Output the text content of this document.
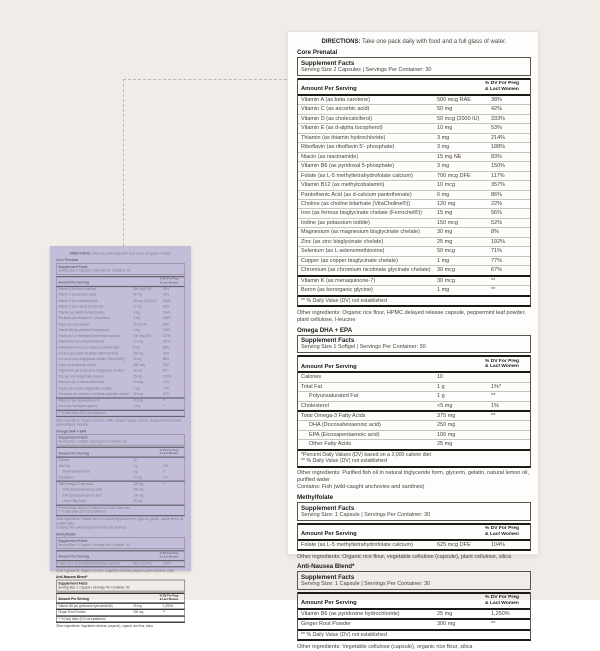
DIRECTIONS: Take one pack daily with food and a full glass of water.
Core Prenatal
Supplement Facts
Serving Size 2 Capsules | Servings Per Container: 30
Amount Per Serving
% DV For Preg
& Lact Women
Vitamin A (as beta carotene)	500 mcg RAE	38%
Vitamin C (as ascorbic acid)	50 mg	42%
Vitamin D (as cholecalciferol)	50 mcg (2000 IU)	333%
Vitamin E (as d-alpha tocopherol)	10 mg	53%
Thiamin (as thiamin hydrochloride)	3 mg	214%
Riboflavin (as riboflavin 5'- phosphate)	3 mg	188%
Niacin (as niacinamide)	15 mg NE	83%
Vitamin B6 (as pyridoxal 5-phosphate)	3 mg	150%
Folate (as L-5 methyltetrahydrofolate calcium)	700 mcg DFE	117%
Vitamin B12 (as methylcobalamin)	10 mcg	357%
Pantothenic Acid (as d-calcium pantothenate)	6 mg	86%
Choline (as choline bitartrate (VitaCholine®))	120 mg	22%
Iron (as ferrous bisglycinate chelate (Ferrochel®))	15 mg	56%
Iodine (as potassium iodide)	150 mcg	52%
Magnesium (as magnesium bisglycinate chelate)	30 mg	8%
Zinc (as zinc bisglycinate chelate)	25 mg	192%
Selenium (as L-selenomethionine)	50 mcg	71%
Copper (as copper bisglycinate chelate)	1 mg	77%
Chromium (as chromium nicotinate glycinate chelate)	30 mcg	67%
Vitamin K (as menaquinone-7)	30 mcg	**
Boron (as bororganic glycine)	1 mg	**
** % Daily Value (DV) not established
Other ingredients: Organic rice flour, HPMC delayed release capsule, peppermint leaf powder, plant cellulose, l-leucine
Omega DHA + EPA
Supplement Facts
Serving Size 1 Softgel | Servings Per Container: 30
Amount Per Serving
% DV For Preg
& Lact Women
Calories	10
Total Fat	1 g	1%*
Polyunsaturated Fat	1 g	**
Cholesterol	<5 mg	1%
Total Omega-3 Fatty Acids	375 mg	**
DHA (Docosahexaenoic acid)	250 mg
EPA (Eicosapentaenoic acid)	100 mg
Other Fatty Acids	25 mg
*Percent Daily Values (DV) based on a 2,000 calorie diet
** % Daily Value (DV) not established
Other ingredients: Purified fish oil in natural triglyceride form, glycerin, gelatin, natural lemon oil, purified water
Contains: Fish (wild-caught anchovies and sardines)
Methylfolate
Supplement Facts
Serving Size: 1 Capsule | Servings Per Container: 30
Amount Per Serving
% DV For Preg
& Lact Women
Folate (as L-5 methyltetrahydrofolate calcium)	625 mcg DFE	104%
Other ingredients: Organic rice flour, vegetable cellulose (capsule), plant cellulose, silica
Anti-Nausea Blend*
Supplement Facts
Serving Size: 1 Capsule | Servings Per Container: 30
Amount Per Serving
% DV For Preg
& Lact Women
Vitamin B6 (as pyridoxine hydrochloride)	25 mg	1,250%
Ginger Root Powder	300 mg	**
** % Daily Value (DV) not established
Other ingredients: Vegetable cellulose (capsule), organic rice flour, silica
DIRECTIONS: Take one pack daily with food and a full glass of water.
Core Prenatal
Supplement Facts
Serving Size 2 Capsules | Servings Per Container: 30
Amount Per Serving
% DV For Preg
& Lact Women
Vitamin A (as beta carotene)	500 mcg RAE	38%
Vitamin C (as ascorbic acid)	50 mg	42%
Vitamin D (as cholecalciferol)	50 mcg (2000 IU)	333%
Vitamin E (as d-alpha tocopherol)	10 mg	53%
Thiamin (as thiamin hydrochloride)	3 mg	214%
Riboflavin (as riboflavin 5'- phosphate)	3 mg	188%
Niacin (as niacinamide)	15 mg NE	83%
Vitamin B6 (as pyridoxal 5-phosphate)	3 mg	150%
Folate (as L-5 methyltetrahydrofolate calcium)	700 mcg DFE	117%
Vitamin B12 (as methylcobalamin)	10 mcg	357%
Pantothenic Acid (as d-calcium pantothenate)	6 mg	86%
Choline (as choline bitartrate (VitaCholine®))	120 mg	22%
Iron (as ferrous bisglycinate chelate (Ferrochel®))	15 mg	56%
Iodine (as potassium iodide)	150 mcg	52%
Magnesium (as magnesium bisglycinate chelate)	30 mg	8%
Zinc (as zinc bisglycinate chelate)	25 mg	192%
Selenium (as L-selenomethionine)	50 mcg	71%
Copper (as copper bisglycinate chelate)	1 mg	77%
Chromium (as chromium nicotinate glycinate chelate) 30 mcg	67%
Vitamin K (as menaquinone-7)	30 mcg	**
Boron (as bororganic glycine)	1 mg	**
** % Daily Value (DV) not established
Other ingredients: Organic rice flour, HPMC delayed release capsule, peppermint leaf powder, plant cellulose, l-leucine
Omega DHA + EPA
Supplement Facts
Serving Size 1 Softgel | Servings Per Container: 30
Amount Per Serving
% DV For Preg
& Lact Women
Calories	10
Total Fat	1 g	1%*
Polyunsaturated Fat	1 g	**
Cholesterol	<5 mg	1%
Total Omega-3 Fatty Acids	375 mg	**
DHA (Docosahexaenoic acid)	250 mg
EPA (Eicosapentaenoic acid)	100 mg
Other Fatty Acids	25 mg
*Percent Daily Values (DV) based on a 2,000 calorie diet
** % Daily Value (DV) not established
Other ingredients: Purified fish oil in natural triglyceride form, glycerin, gelatin, natural lemon oil, purified water
Contains: Fish (wild-caught anchovies and sardines)
Methylfolate
Supplement Facts
Serving Size: 1 Capsule | Servings Per Container: 30
Amount Per Serving
% DV For Preg
& Lact Women
Folate (as L-5 methyltetrahydrofolate calcium)	625 mcg DFE	104%
Other ingredients: Organic rice flour, vegetable cellulose (capsule), plant cellulose, silica
Anti-Nausea Blend*
Supplement Facts
Serving Size: 1 Capsule | Servings Per Container: 30
Amount Per Serving
% DV For Preg
& Lact Women
Vitamin B6 (as pyridoxine hydrochloride)	25 mg	1,250%
Ginger Root Powder	300 mg	**
** % Daily Value (DV) not established
Other ingredients: Vegetable cellulose (capsule), organic rice flour, silica
